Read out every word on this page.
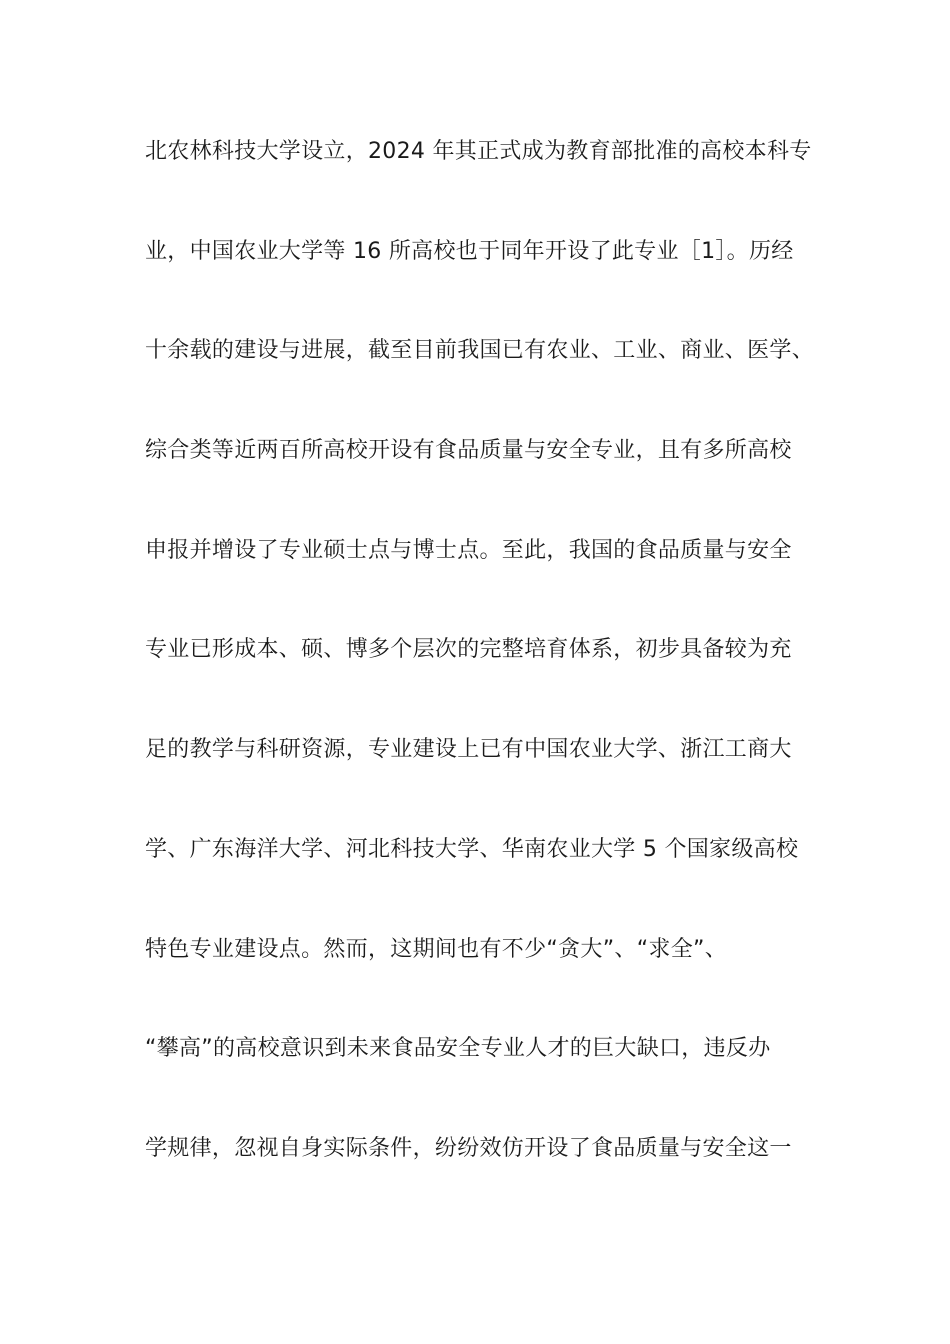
北农林科技大学设立，2024 年其正式成为教育部批准的高校本科专
业，中国农业大学等 16 所高校也于同年开设了此专业［1］。历经
十余载的建设与进展，截至目前我国已有农业、工业、商业、医学、
综合类等近两百所高校开设有食品质量与安全专业，且有多所高校
申报并增设了专业硕士点与博士点。至此，我国的食品质量与安全
专业已形成本、硕、博多个层次的完整培育体系，初步具备较为充
足的教学与科研资源，专业建设上已有中国农业大学、浙江工商大
学、广东海洋大学、河北科技大学、华南农业大学 5 个国家级高校
特色专业建设点。然而，这期间也有不少“贪大”、“求全”、
“攀高”的高校意识到未来食品安全专业人才的巨大缺口，违反办
学规律，忽视自身实际条件，纷纷效仿开设了食品质量与安全这一
